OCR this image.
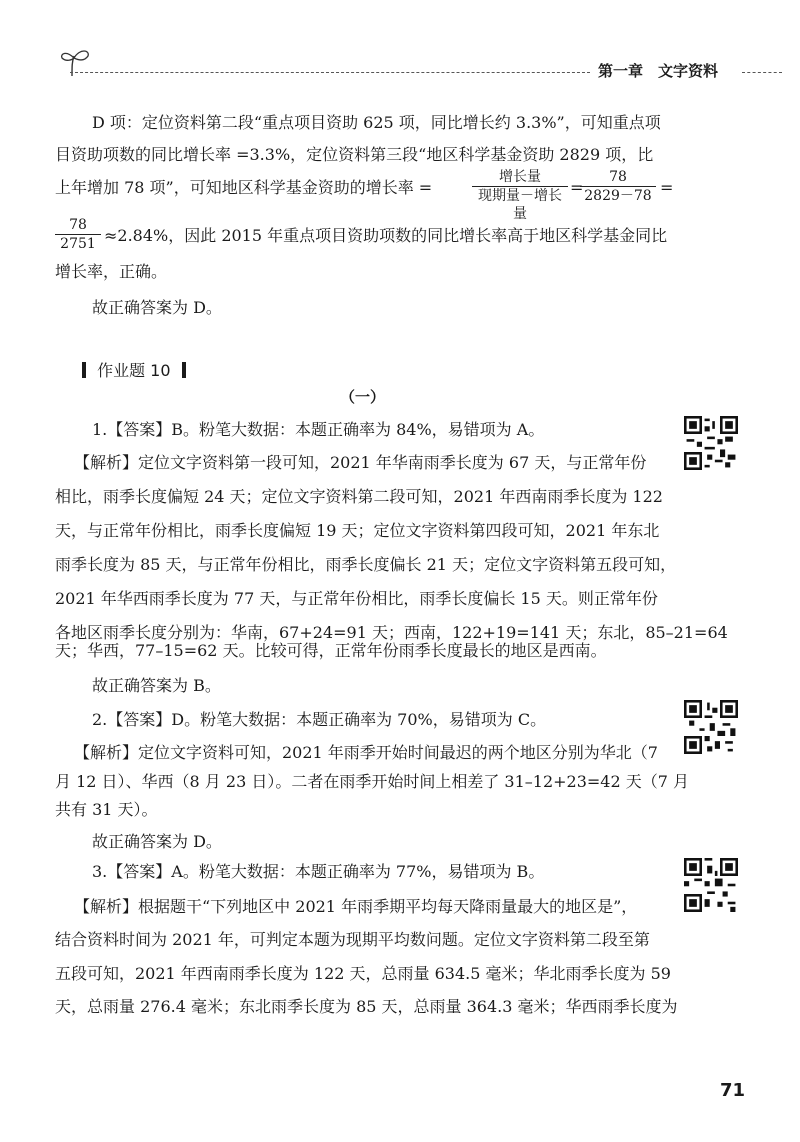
第一章　文字资料
D 项：定位资料第二段“重点项目资助 625 项，同比增长约 3.3%”，可知重点项
目资助项数的同比增长率 =3.3%，定位资料第三段“地区科学基金资助 2829 项，比
上年增加 78 项”，可知地区科学基金资助的增长率 =
增长量
现期量－增长量
=
$\frac{78}{2829-78}$ =
$\frac{78}{2751} \approx 2.84\%$，因此 2015 年重点项目资助项数的同比增长率高于地区科学基金同比
增长率，正确。
故正确答案为 D。
作业题 10
（一）
1.【答案】B。粉笔大数据：本题正确率为 84%，易错项为 A。
【解析】定位文字资料第一段可知，2021 年华南雨季长度为 67 天，与正常年份
相比，雨季长度偏短 24 天；定位文字资料第二段可知，2021 年西南雨季长度为 122
天，与正常年份相比，雨季长度偏短 19 天；定位文字资料第四段可知，2021 年东北
雨季长度为 85 天，与正常年份相比，雨季长度偏长 21 天；定位文字资料第五段可知，
2021 年华西雨季长度为 77 天，与正常年份相比，雨季长度偏长 15 天。则正常年份
各地区雨季长度分别为：华南，67+24=91 天；西南，122+19=141 天；东北，85–21=64
天；华西，77–15=62 天。比较可得，正常年份雨季长度最长的地区是西南。
故正确答案为 B。
2.【答案】D。粉笔大数据：本题正确率为 70%，易错项为 C。
【解析】定位文字资料可知，2021 年雨季开始时间最迟的两个地区分别为华北（7
月 12 日）、华西（8 月 23 日）。二者在雨季开始时间上相差了 31–12+23=42 天（7 月
共有 31 天）。
故正确答案为 D。
3.【答案】A。粉笔大数据：本题正确率为 77%，易错项为 B。
【解析】根据题干“下列地区中 2021 年雨季期平均每天降雨量最大的地区是”，
结合资料时间为 2021 年，可判定本题为现期平均数问题。定位文字资料第二段至第
五段可知，2021 年西南雨季长度为 122 天，总雨量 634.5 毫米；华北雨季长度为 59
天，总雨量 276.4 毫米；东北雨季长度为 85 天，总雨量 364.3 毫米；华西雨季长度为
71
